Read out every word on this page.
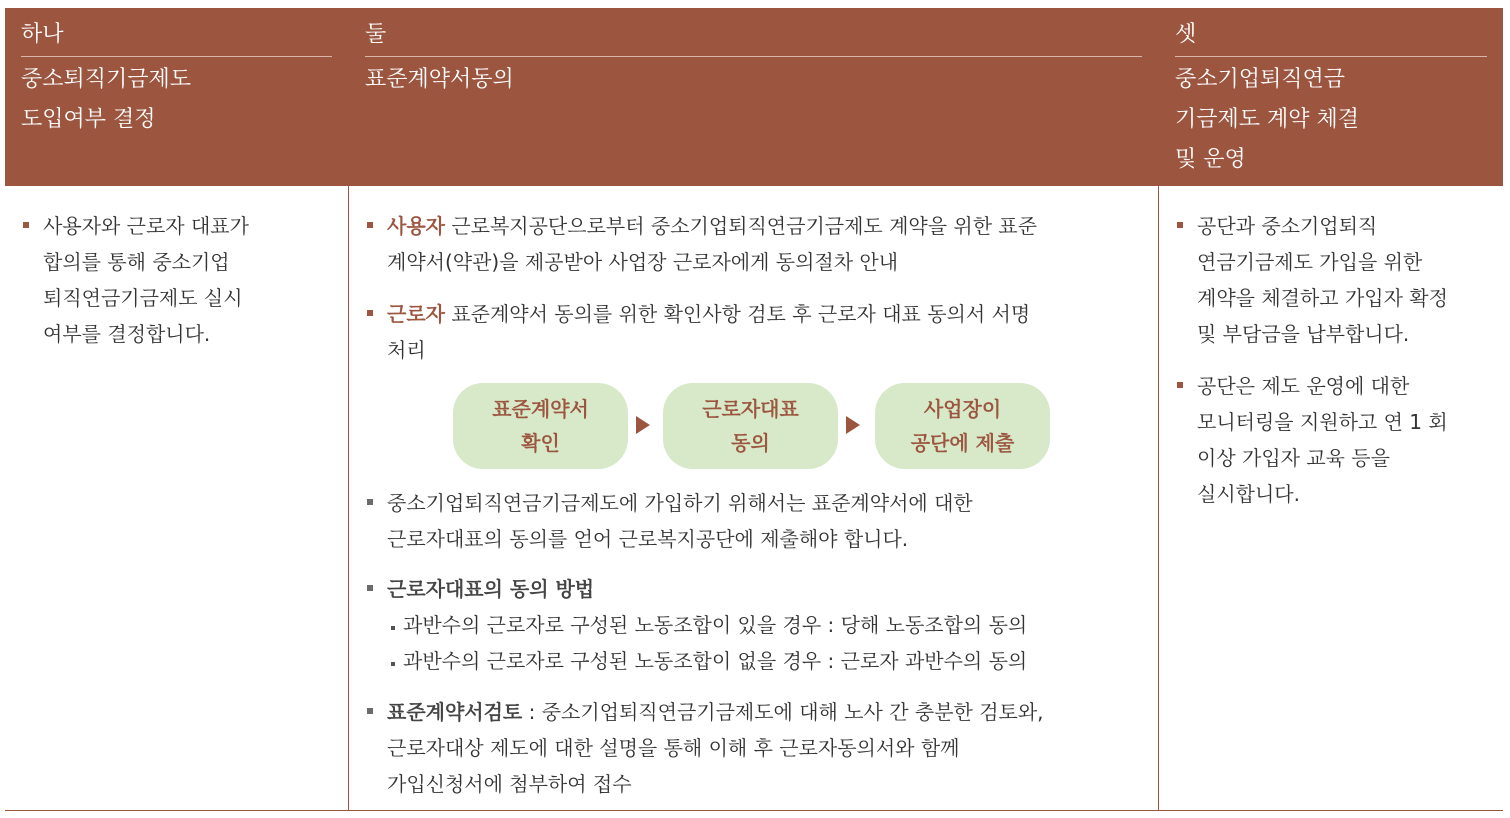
하나
중소퇴직기금제도
도입여부 결정
사용자와 근로자 대표가
합의를 통해 중소기업
퇴직연금기금제도 실시
여부를 결정합니다.
둘
표준계약서동의
사용자 근로복지공단으로부터 중소기업퇴직연금기금제도 계약을 위한 표준
계약서(약관)을 제공받아 사업장 근로자에게 동의절차 안내
근로자 표준계약서 동의를 위한 확인사항 검토 후 근로자 대표 동의서 서명
처리
표준계약서
확인
근로자대표
동의
사업장이
공단에 제출
중소기업퇴직연금기금제도에 가입하기 위해서는 표준계약서에 대한
근로자대표의 동의를 얻어 근로복지공단에 제출해야 합니다.
근로자대표의 동의 방법
과반수의 근로자로 구성된 노동조합이 있을 경우 : 당해 노동조합의 동의
과반수의 근로자로 구성된 노동조합이 없을 경우 : 근로자 과반수의 동의
표준계약서검토 : 중소기업퇴직연금기금제도에 대해 노사 간 충분한 검토와,
근로자대상 제도에 대한 설명을 통해 이해 후 근로자동의서와 함께
가입신청서에 첨부하여 접수
셋
중소기업퇴직연금
기금제도 계약 체결
및 운영
공단과 중소기업퇴직
연금기금제도 가입을 위한
계약을 체결하고 가입자 확정
및 부담금을 납부합니다.
공단은 제도 운영에 대한
모니터링을 지원하고 연 1 회
이상 가입자 교육 등을
실시합니다.
